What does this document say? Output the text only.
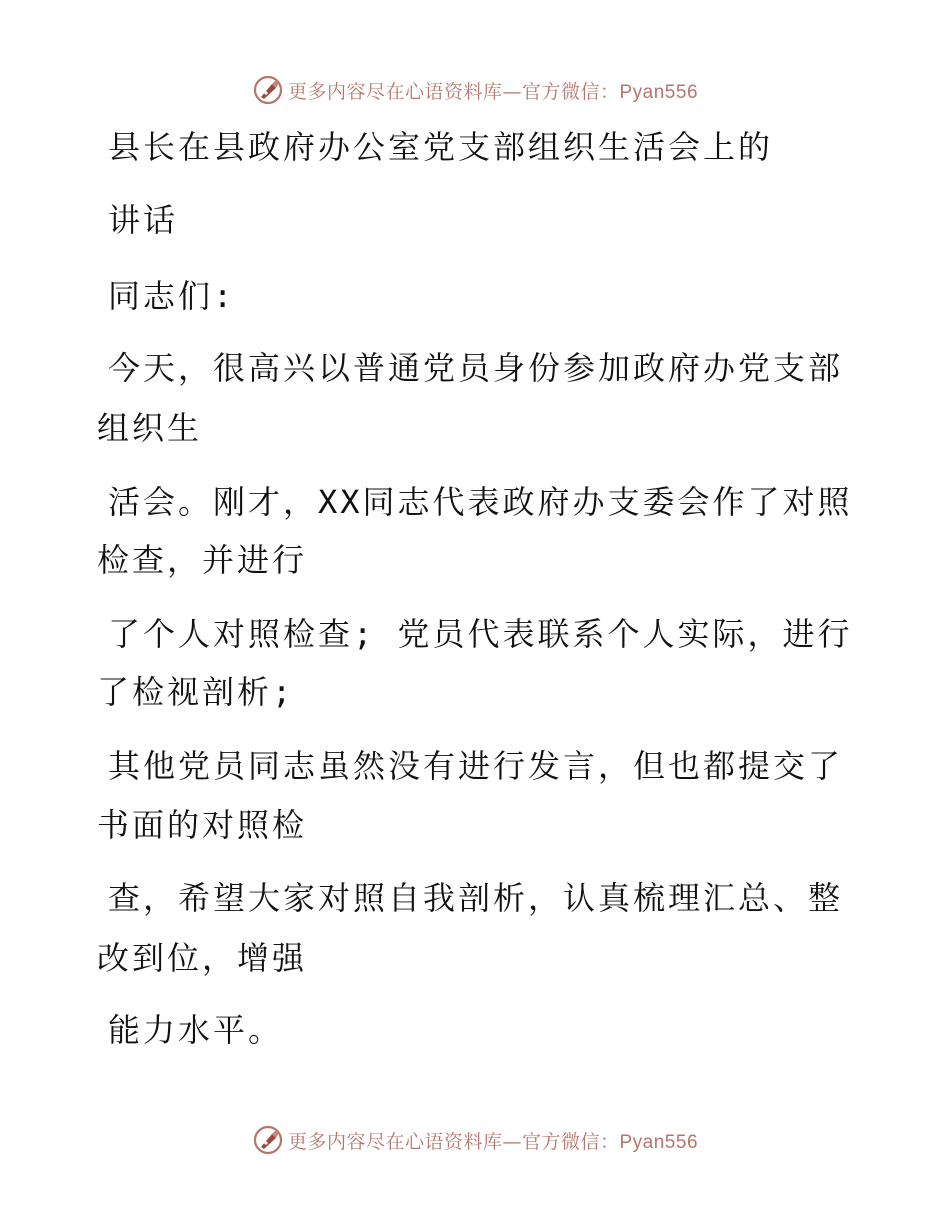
更多内容尽在心语资料库—官方微信：Pyan556
县长在县政府办公室党支部组织生活会上的
讲话
同志们:
今天，很高兴以普通党员身份参加政府办党支部
组织生
活会。刚才，XX同志代表政府办支委会作了对照
检查，并进行
了个人对照检查; 党员代表联系个人实际，进行
了检视剖析;
其他党员同志虽然没有进行发言，但也都提交了
书面的对照检
查，希望大家对照自我剖析，认真梳理汇总、整
改到位，增强
能力水平。
更多内容尽在心语资料库—官方微信：Pyan556
